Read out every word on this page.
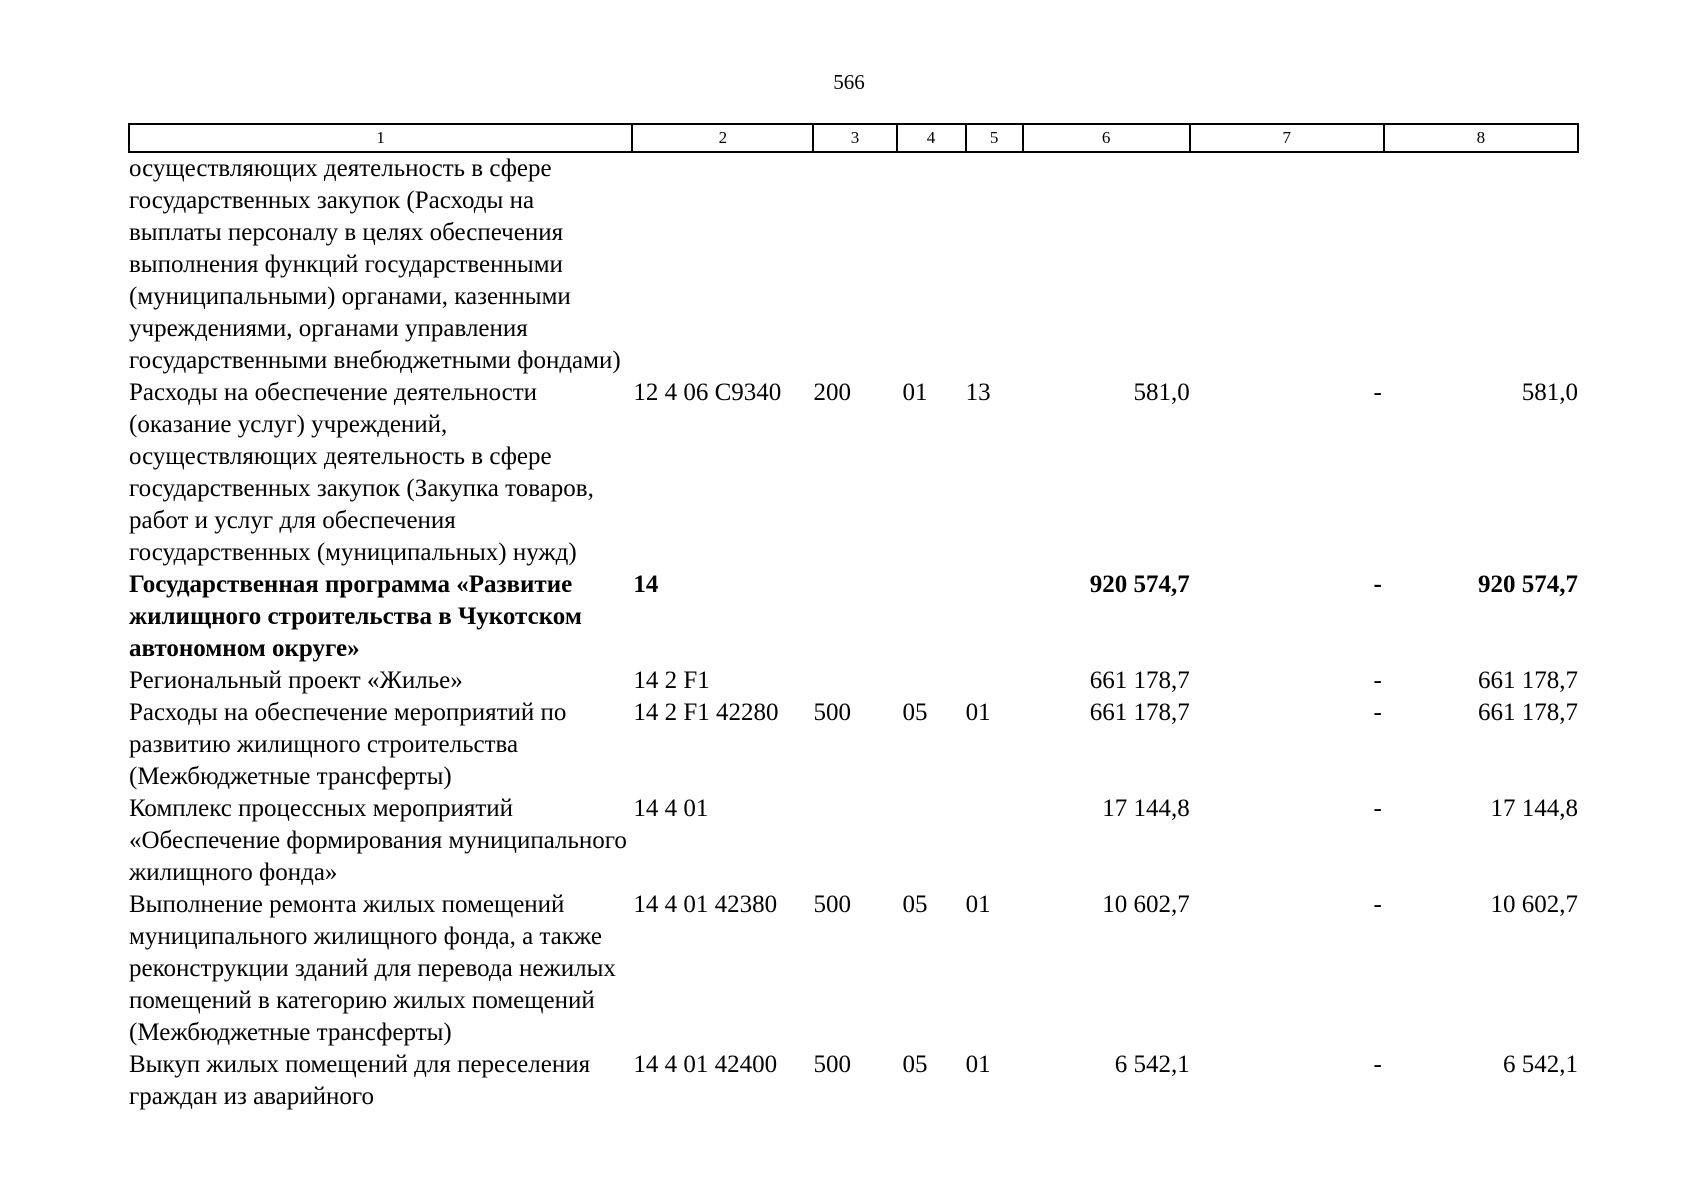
566
1	2	3	4	5	6	7	8
осуществляющих деятельность в сфере государственных закупок (Расходы на выплаты персоналу в целях обеспечения выполнения функций государственными (муниципальными) органами, казенными учреждениями, органами управления государственными внебюджетными фондами)							
Расходы на обеспечение деятельности (оказание услуг) учреждений, осуществляющих деятельность в сфере государственных закупок (Закупка товаров, работ и услуг для обеспечения государственных (муниципальных) нужд)	12 4 06 С9340	200	01	13	581,0	-	581,0
Государственная программа «Развитие жилищного строительства в Чукотском автономном округе»	14				920 574,7	-	920 574,7
Региональный проект «Жилье»	14 2 F1				661 178,7	-	661 178,7
Расходы на обеспечение мероприятий по развитию жилищного строительства (Межбюджетные трансферты)	14 2 F1 42280	500	05	01	661 178,7	-	661 178,7
Комплекс процессных мероприятий «Обеспечение формирования муниципального жилищного фонда»	14 4 01				17 144,8	-	17 144,8
Выполнение ремонта жилых помещений муниципального жилищного фонда, а также реконструкции зданий для перевода нежилых помещений в категорию жилых помещений (Межбюджетные трансферты)	14 4 01 42380	500	05	01	10 602,7	-	10 602,7
Выкуп жилых помещений для переселения граждан из аварийного	14 4 01 42400	500	05	01	6 542,1	-	6 542,1
